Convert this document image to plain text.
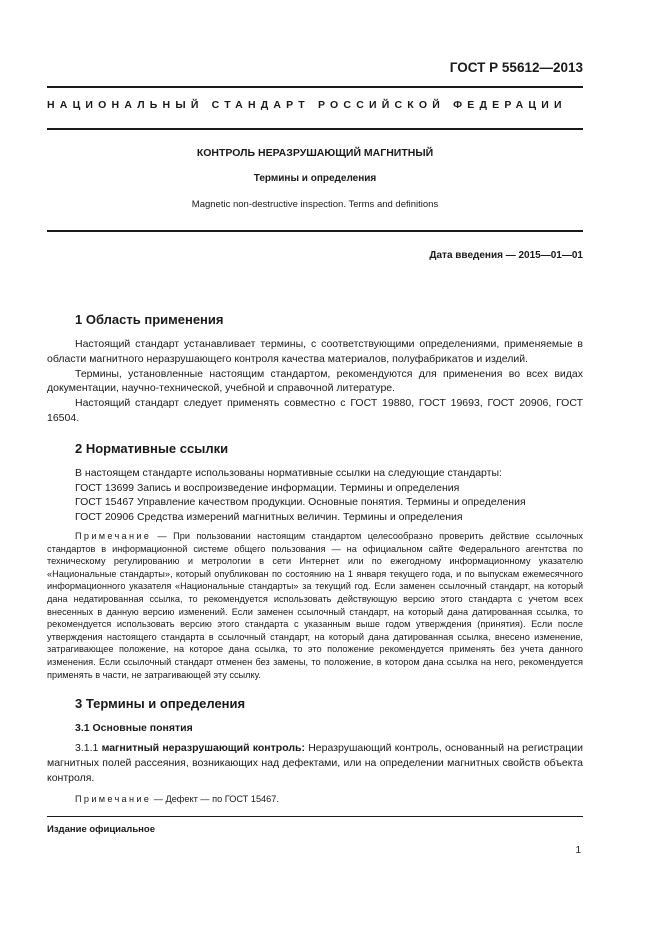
ГОСТ Р 55612—2013
НАЦИОНАЛЬНЫЙ СТАНДАРТ РОССИЙСКОЙ ФЕДЕРАЦИИ
КОНТРОЛЬ НЕРАЗРУШАЮЩИЙ МАГНИТНЫЙ
Термины и определения
Magnetic non-destructive inspection. Terms and definitions
Дата введения — 2015—01—01
1 Область применения

Настоящий стандарт устанавливает термины, с соответствующими определениями, применяемые в области магнитного неразрушающего контроля качества материалов, полуфабрикатов и изделий.

Термины, установленные настоящим стандартом, рекомендуются для применения во всех видах документации, научно-технической, учебной и справочной литературе.

Настоящий стандарт следует применять совместно с ГОСТ 19880, ГОСТ 19693, ГОСТ 20906, ГОСТ 16504.

2 Нормативные ссылки

В настоящем стандарте использованы нормативные ссылки на следующие стандарты:

ГОСТ 13699 Запись и воспроизведение информации. Термины и определения

ГОСТ 15467 Управление качеством продукции. Основные понятия. Термины и определения

ГОСТ 20906 Средства измерений магнитных величин. Термины и определения

Примечание — При пользовании настоящим стандартом целесообразно проверить действие ссылочных стандартов в информационной системе общего пользования — на официальном сайте Федерального агентства по техническому регулированию и метрологии в сети Интернет или по ежегодному информационному указателю «Национальные стандарты», который опубликован по состоянию на 1 января текущего года, и по выпускам ежемесячного информационного указателя «Национальные стандарты» за текущий год. Если заменен ссылочный стандарт, на который дана недатированная ссылка, то рекомендуется использовать действующую версию этого стандарта с учетом всех внесенных в данную версию изменений. Если заменен ссылочный стандарт, на который дана датированная ссылка, то рекомендуется использовать версию этого стандарта с указанным выше годом утверждения (принятия). Если после утверждения настоящего стандарта в ссылочный стандарт, на который дана датированная ссылка, внесено изменение, затрагивающее положение, на которое дана ссылка, то это положение рекомендуется применять без учета данного изменения. Если ссылочный стандарт отменен без замены, то положение, в котором дана ссылка на него, рекомендуется применять в части, не затрагивающей эту ссылку.

3 Термины и определения
3.1 Основные понятия

3.1.1 магнитный неразрушающий контроль: Неразрушающий контроль, основанный на регистрации магнитных полей рассеяния, возникающих над дефектами, или на определении магнитных свойств объекта контроля.

Примечание — Дефект — по ГОСТ 15467.

Издание официальное
1
